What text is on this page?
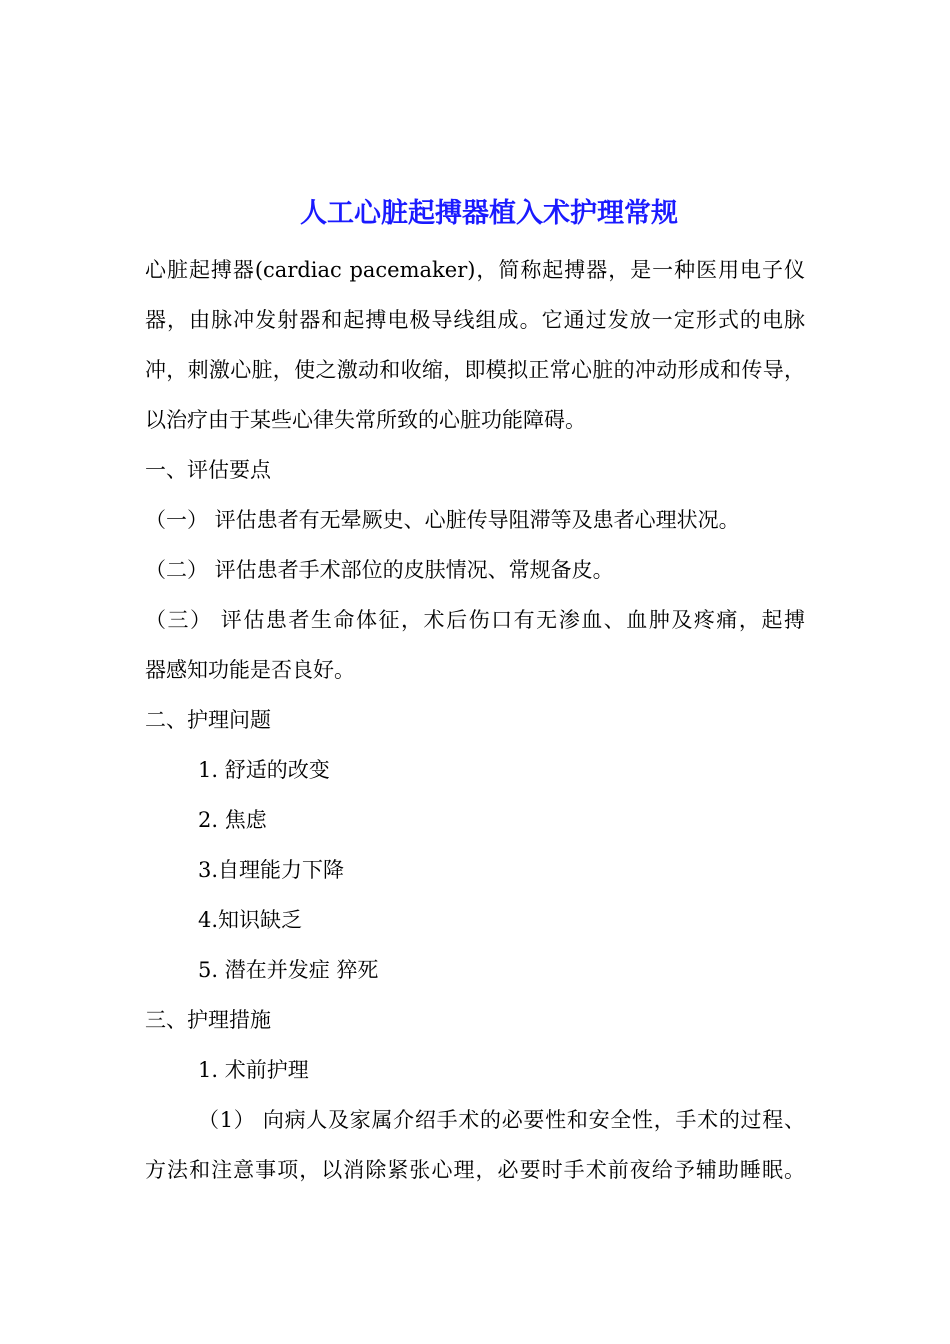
人工心脏起搏器植入术护理常规
心脏起搏器(cardiac pacemaker)，简称起搏器，是一种医用电子仪
器，由脉冲发射器和起搏电极导线组成。它通过发放一定形式的电脉
冲，刺激心脏，使之激动和收缩，即模拟正常心脏的冲动形成和传导，
以治疗由于某些心律失常所致的心脏功能障碍。
一、评估要点
（一） 评估患者有无晕厥史、心脏传导阻滞等及患者心理状况。
（二） 评估患者手术部位的皮肤情况、常规备皮。
（三） 评估患者生命体征，术后伤口有无渗血、血肿及疼痛，起搏
器感知功能是否良好。
二、护理问题
1. 舒适的改变
2. 焦虑
3.自理能力下降
4.知识缺乏
5. 潜在并发症 猝死
三、护理措施
1. 术前护理
（1） 向病人及家属介绍手术的必要性和安全性，手术的过程、
方法和注意事项，以消除紧张心理，必要时手术前夜给予辅助睡眠。
